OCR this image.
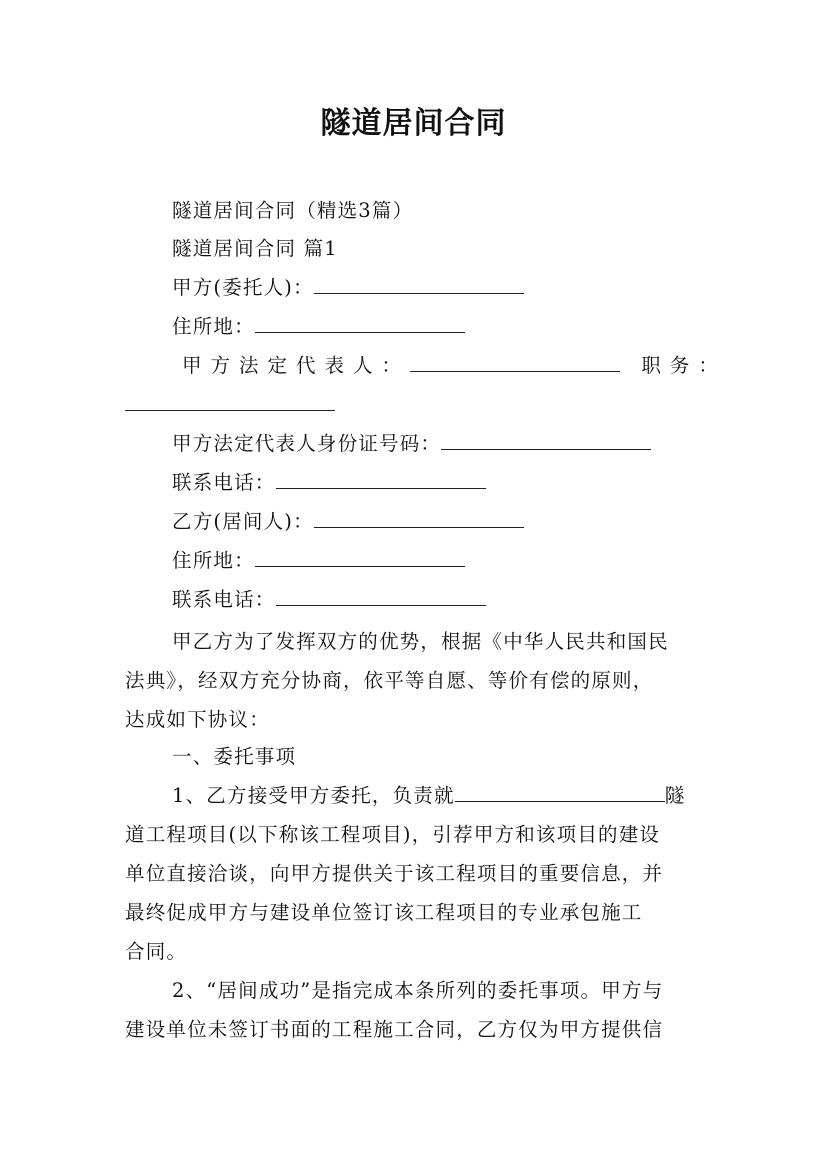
隧道居间合同
隧道居间合同（精选3篇）
隧道居间合同 篇1
甲方(委托人)：
住所地：
甲方法定代表人：	职务：
甲方法定代表人身份证号码：
联系电话：
乙方(居间人)：
住所地：
联系电话：
甲乙方为了发挥双方的优势，根据《中华人民共和国民
法典》，经双方充分协商，依平等自愿、等价有偿的原则，
达成如下协议：
一、委托事项
1、乙方接受甲方委托，负责就	隧
道工程项目(以下称该工程项目)，引荐甲方和该项目的建设
单位直接洽谈，向甲方提供关于该工程项目的重要信息，并
最终促成甲方与建设单位签订该工程项目的专业承包施工
合同。
2、“居间成功”是指完成本条所列的委托事项。甲方与
建设单位未签订书面的工程施工合同，乙方仅为甲方提供信
